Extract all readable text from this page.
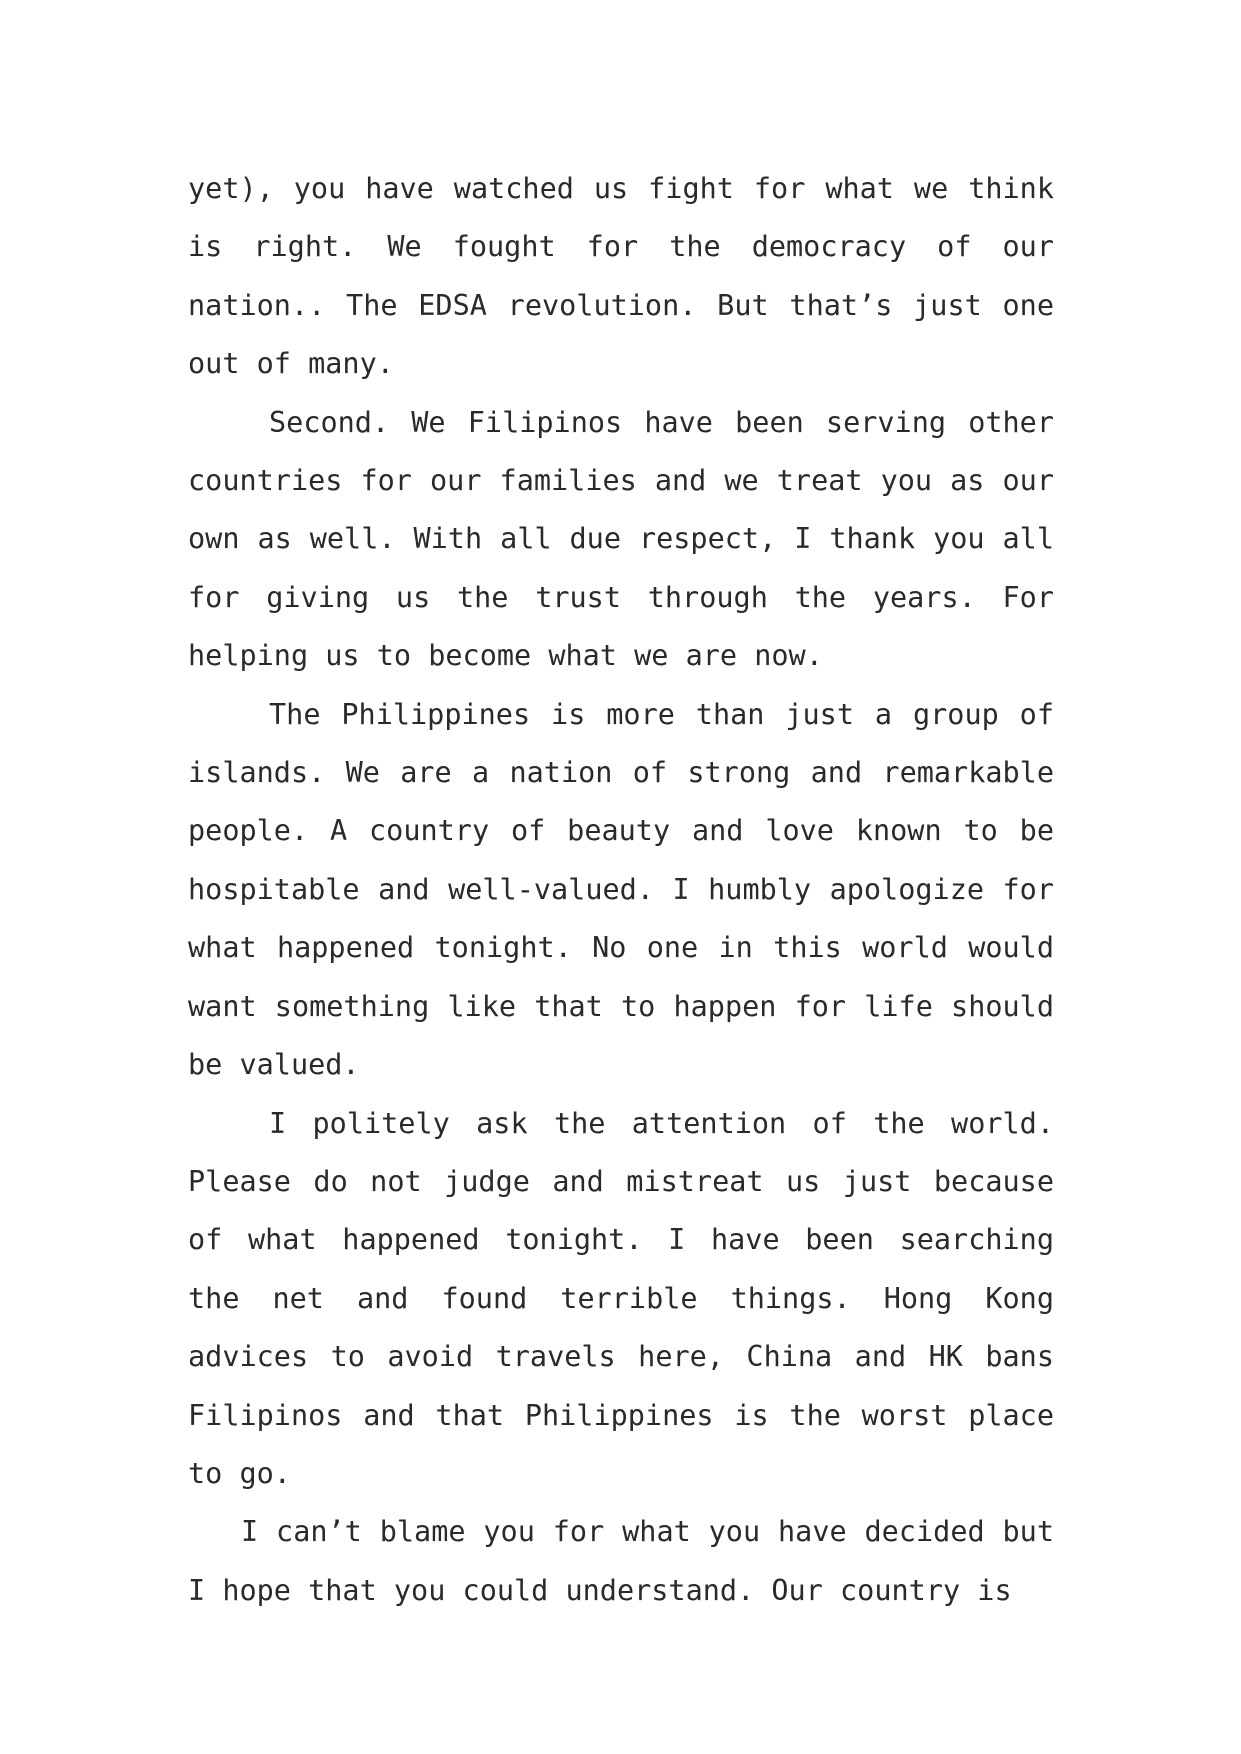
yet), you have watched us fight for what we think is right. We fought for the democracy of our nation.. The EDSA revolution. But that’s just one out of many.

Second. We Filipinos have been serving other countries for our families and we treat you as our own as well. With all due respect, I thank you all for giving us the trust through the years. For helping us to become what we are now.

The Philippines is more than just a group of islands. We are a nation of strong and remarkable people. A country of beauty and love known to be hospitable and well-valued. I humbly apologize for what happened tonight. No one in this world would want something like that to happen for life should be valued.

I politely ask the attention of the world. Please do not judge and mistreat us just because of what happened tonight. I have been searching the net and found terrible things. Hong Kong advices to avoid travels here, China and HK bans Filipinos and that Philippines is the worst place to go.

I can’t blame you for what you have decided but I hope that you could understand. Our country is
